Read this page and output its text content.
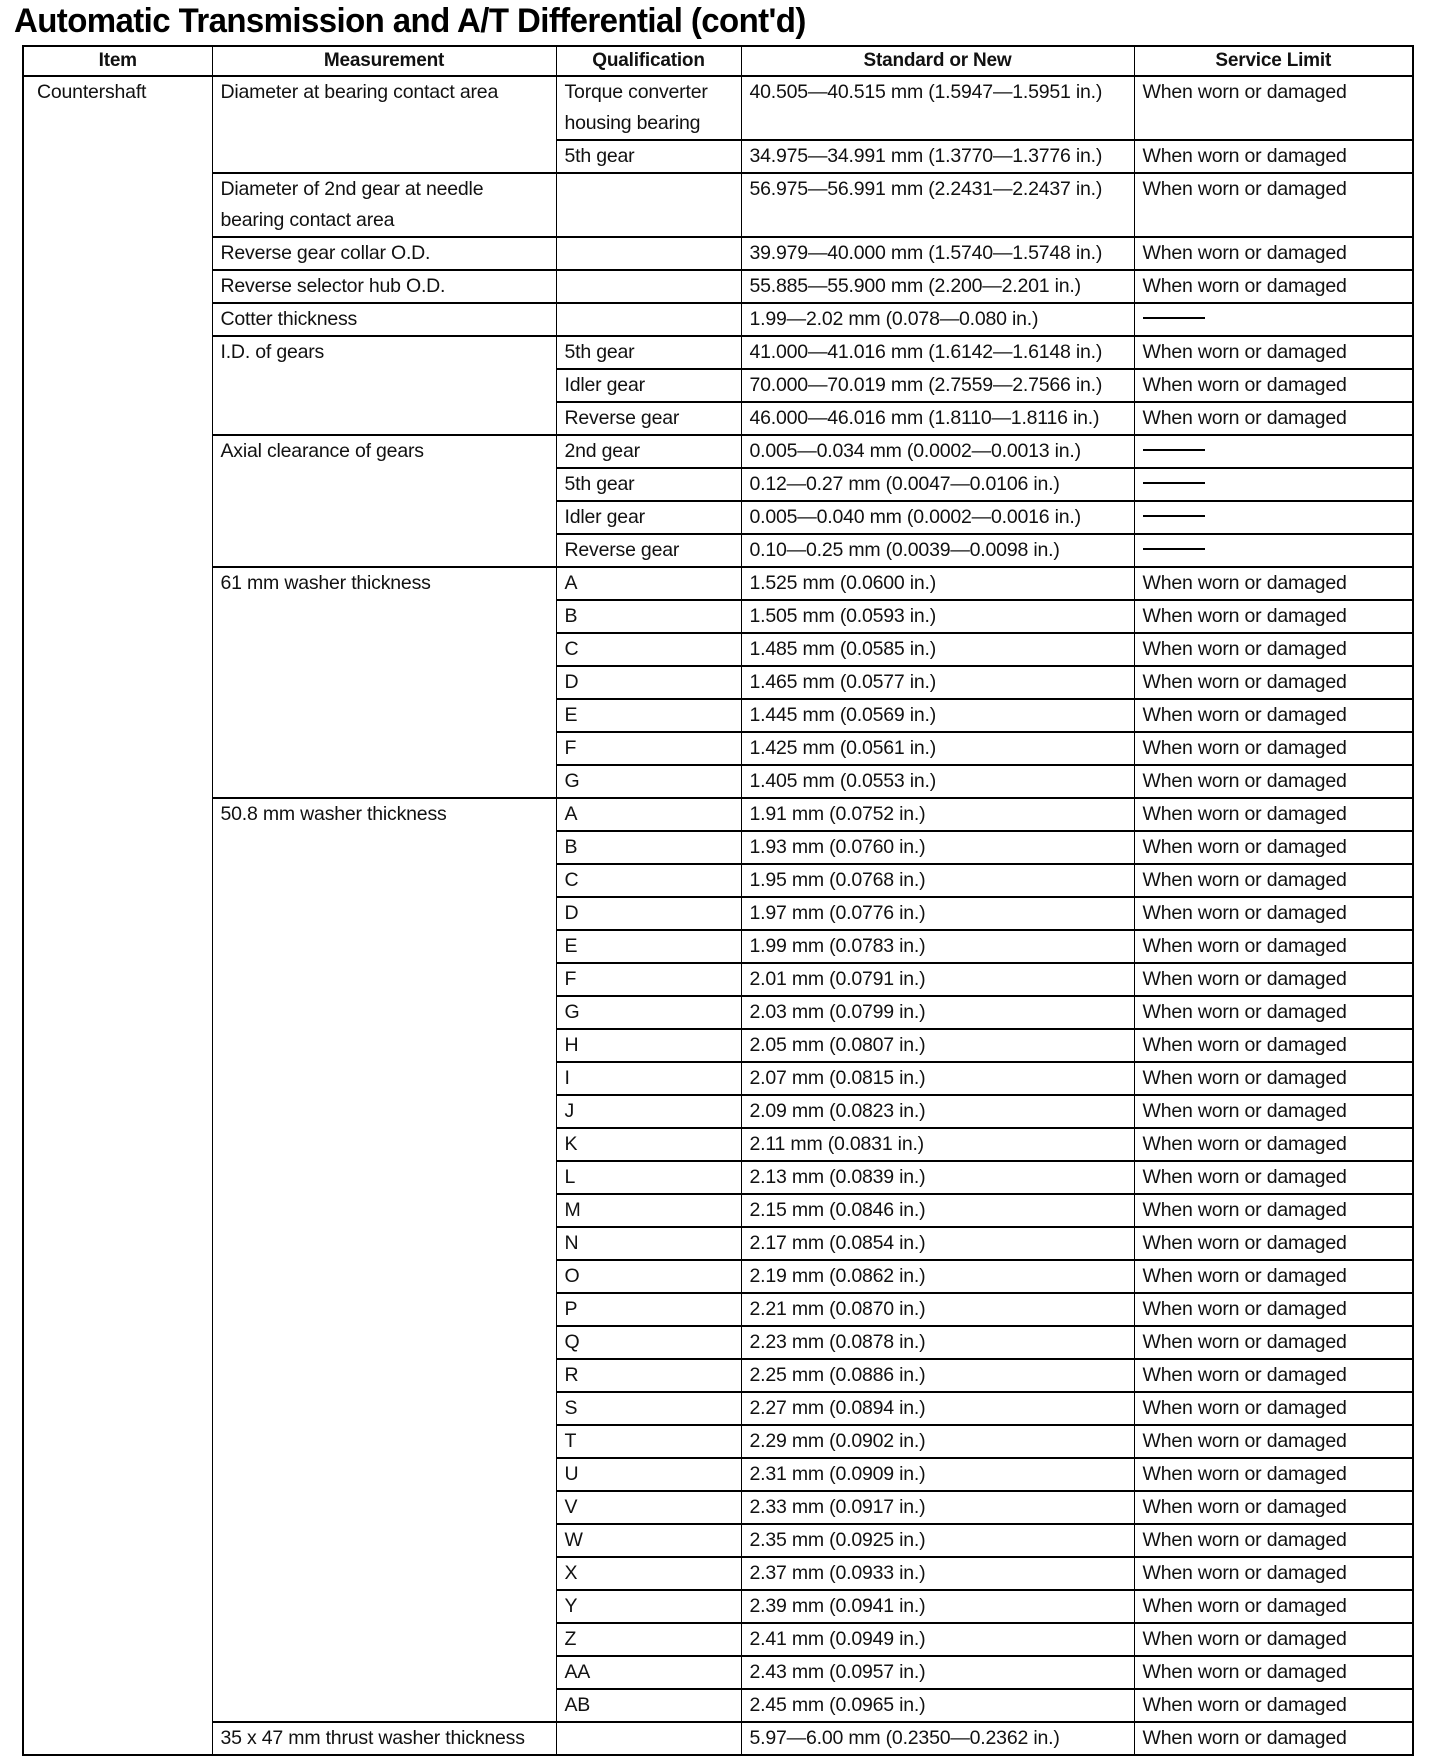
Automatic Transmission and A/T Differential (cont'd)
Item	Measurement	Qualification	Standard or New	Service Limit
Countershaft	Diameter at bearing contact area	Torque converter housing bearing	40.505—40.515 mm (1.5947—1.5951 in.)	When worn or damaged
		5th gear	34.975—34.991 mm (1.3770—1.3776 in.)	When worn or damaged
	Diameter of 2nd gear at needle bearing contact area		56.975—56.991 mm (2.2431—2.2437 in.)	When worn or damaged
	Reverse gear collar O.D.		39.979—40.000 mm (1.5740—1.5748 in.)	When worn or damaged
	Reverse selector hub O.D.		55.885—55.900 mm (2.200—2.201 in.)	When worn or damaged
	Cotter thickness		1.99—2.02 mm (0.078—0.080 in.)	
	I.D. of gears	5th gear	41.000—41.016 mm (1.6142—1.6148 in.)	When worn or damaged
		Idler gear	70.000—70.019 mm (2.7559—2.7566 in.)	When worn or damaged
		Reverse gear	46.000—46.016 mm (1.8110—1.8116 in.)	When worn or damaged
	Axial clearance of gears	2nd gear	0.005—0.034 mm (0.0002—0.0013 in.)	
		5th gear	0.12—0.27 mm (0.0047—0.0106 in.)	
		Idler gear	0.005—0.040 mm (0.0002—0.0016 in.)	
		Reverse gear	0.10—0.25 mm (0.0039—0.0098 in.)	
	61 mm washer thickness	A	1.525 mm (0.0600 in.)	When worn or damaged
		B	1.505 mm (0.0593 in.)	When worn or damaged
		C	1.485 mm (0.0585 in.)	When worn or damaged
		D	1.465 mm (0.0577 in.)	When worn or damaged
		E	1.445 mm (0.0569 in.)	When worn or damaged
		F	1.425 mm (0.0561 in.)	When worn or damaged
		G	1.405 mm (0.0553 in.)	When worn or damaged
	50.8 mm washer thickness	A	1.91 mm (0.0752 in.)	When worn or damaged
		B	1.93 mm (0.0760 in.)	When worn or damaged
		C	1.95 mm (0.0768 in.)	When worn or damaged
		D	1.97 mm (0.0776 in.)	When worn or damaged
		E	1.99 mm (0.0783 in.)	When worn or damaged
		F	2.01 mm (0.0791 in.)	When worn or damaged
		G	2.03 mm (0.0799 in.)	When worn or damaged
		H	2.05 mm (0.0807 in.)	When worn or damaged
		I	2.07 mm (0.0815 in.)	When worn or damaged
		J	2.09 mm (0.0823 in.)	When worn or damaged
		K	2.11 mm (0.0831 in.)	When worn or damaged
		L	2.13 mm (0.0839 in.)	When worn or damaged
		M	2.15 mm (0.0846 in.)	When worn or damaged
		N	2.17 mm (0.0854 in.)	When worn or damaged
		O	2.19 mm (0.0862 in.)	When worn or damaged
		P	2.21 mm (0.0870 in.)	When worn or damaged
		Q	2.23 mm (0.0878 in.)	When worn or damaged
		R	2.25 mm (0.0886 in.)	When worn or damaged
		S	2.27 mm (0.0894 in.)	When worn or damaged
		T	2.29 mm (0.0902 in.)	When worn or damaged
		U	2.31 mm (0.0909 in.)	When worn or damaged
		V	2.33 mm (0.0917 in.)	When worn or damaged
		W	2.35 mm (0.0925 in.)	When worn or damaged
		X	2.37 mm (0.0933 in.)	When worn or damaged
		Y	2.39 mm (0.0941 in.)	When worn or damaged
		Z	2.41 mm (0.0949 in.)	When worn or damaged
		AA	2.43 mm (0.0957 in.)	When worn or damaged
		AB	2.45 mm (0.0965 in.)	When worn or damaged
	35 x 47 mm thrust washer thickness		5.97—6.00 mm (0.2350—0.2362 in.)	When worn or damaged
